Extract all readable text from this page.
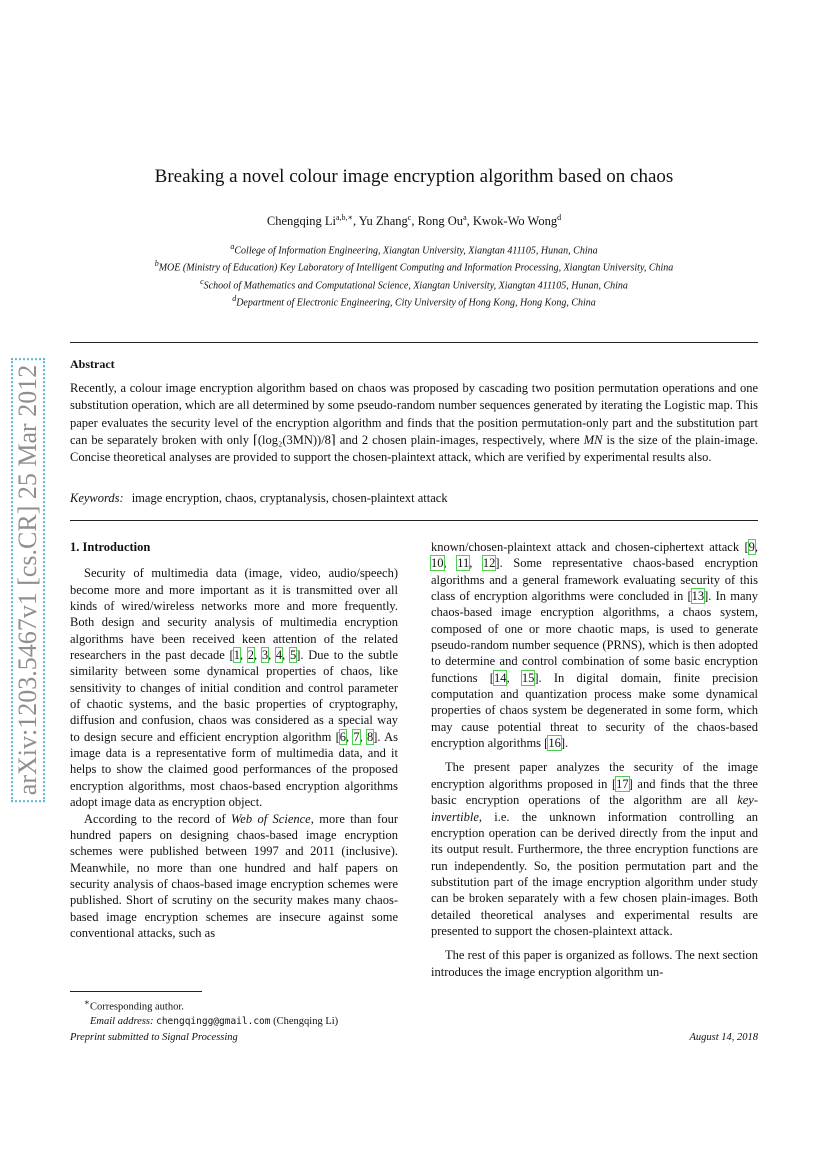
arXiv:1203.5467v1 [cs.CR] 25 Mar 2012
Breaking a novel colour image encryption algorithm based on chaos
Chengqing $Li^{a,b,∗}$, Yu Zhang$^c$, Rong Ou$^a$, Kwok-Wo Wong$^d$
$^a$College of Information Engineering, Xiangtan University, Xiangtan 411105, Hunan, China
$^b$MOE (Ministry of Education) Key Laboratory of Intelligent Computing and Information Processing, Xiangtan University, China
$^c$School of Mathematics and Computational Science, Xiangtan University, Xiangtan 411105, Hunan, China
$^d$Department of Electronic Engineering, City University of Hong Kong, Hong Kong, China
Abstract
Recently, a colour image encryption algorithm based on chaos was proposed by cascading two position permutation operations and one substitution operation, which are all determined by some pseudo-random number sequences generated by iterating the Logistic map. This paper evaluates the security level of the encryption algorithm and finds that the position permutation-only part and the substitution part can be separately broken with only ⌈(log₂(3MN))/8⌉ and 2 chosen plain-images, respectively, where MN is the size of the plain-image. Concise theoretical analyses are provided to support the chosen-plaintext attack, which are verified by experimental results also.
Keywords: image encryption, chaos, cryptanalysis, chosen-plaintext attack
1. Introduction

Security of multimedia data (image, video, audio/speech) become more and more important as it is transmitted over all kinds of wired/wireless networks more and more frequently. Both design and security analysis of multimedia encryption algorithms have been received keen attention of the related researchers in the past decade [1, 2, 3, 4, 5]. Due to the subtle similarity between some dynamical properties of chaos, like sensitivity to changes of initial condition and control parameter of chaotic systems, and the basic properties of cryptography, diffusion and confusion, chaos was considered as a special way to design secure and efficient encryption algorithm [6, 7, 8]. As image data is a representative form of multimedia data, and it helps to show the claimed good performances of the proposed encryption algorithms, most chaos-based encryption algorithms adopt image data as encryption object.

According to the record of Web of Science, more than four hundred papers on designing chaos-based image encryption schemes were published between 1997 and 2011 (inclusive). Meanwhile, no more than one hundred and half papers on security analysis of chaos-based image encryption schemes were published. Short of scrutiny on the security makes many chaos-based image encryption schemes are insecure against some conventional attacks, such as

known/chosen-plaintext attack and chosen-ciphertext attack [9, 10, 11, 12]. Some representative chaos-based encryption algorithms and a general framework evaluating security of this class of encryption algorithms were concluded in [13]. In many chaos-based image encryption algorithms, a chaos system, composed of one or more chaotic maps, is used to generate pseudo-random number sequence (PRNS), which is then adopted to determine and control combination of some basic encryption functions [14, 15]. In digital domain, finite precision computation and quantization process make some dynamical properties of chaos system be degenerated in some form, which may cause potential threat to security of the chaos-based encryption algorithms [16].

The present paper analyzes the security of the image encryption algorithms proposed in [17] and finds that the three basic encryption operations of the algorithm are all key-invertible, i.e. the unknown information controlling an encryption operation can be derived directly from the input and its output result. Furthermore, the three encryption functions are run independently. So, the position permutation part and the substitution part of the image encryption algorithm under study can be broken separately with a few chosen plain-images. Both detailed theoretical analyses and experimental results are presented to support the chosen-plaintext attack.

The rest of this paper is organized as follows. The next section introduces the image encryption algorithm un-

∗Corresponding author.
Email address: chengqingg@gmail.com (Chengqing Li)
Preprint submitted to Signal Processing	August 14, 2018
